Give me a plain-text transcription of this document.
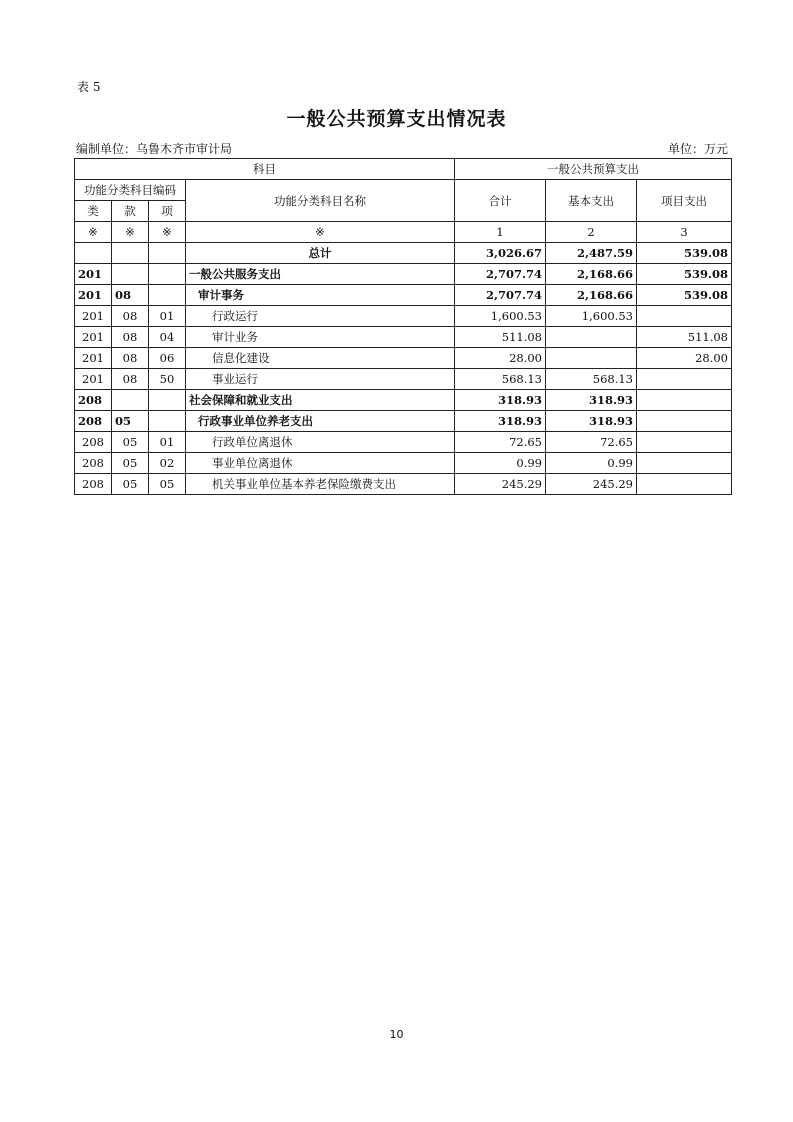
表 5
一般公共预算支出情况表
编制单位：乌鲁木齐市审计局	单位：万元
科目				一般公共预算支出		
功能分类科目编码			功能分类科目名称	合计	基本支出	项目支出
类	款	项				
※	※	※	※	1	2	3
			总计	3,026.67	2,487.59	539.08
201			一般公共服务支出	2,707.74	2,168.66	539.08
201	08		审计事务	2,707.74	2,168.66	539.08
201	08	01	行政运行	1,600.53	1,600.53	
201	08	04	审计业务	511.08		511.08
201	08	06	信息化建设	28.00		28.00
201	08	50	事业运行	568.13	568.13	
208			社会保障和就业支出	318.93	318.93	
208	05		行政事业单位养老支出	318.93	318.93	
208	05	01	行政单位离退休	72.65	72.65	
208	05	02	事业单位离退休	0.99	0.99	
208	05	05	机关事业单位基本养老保险缴费支出	245.29	245.29	
10
